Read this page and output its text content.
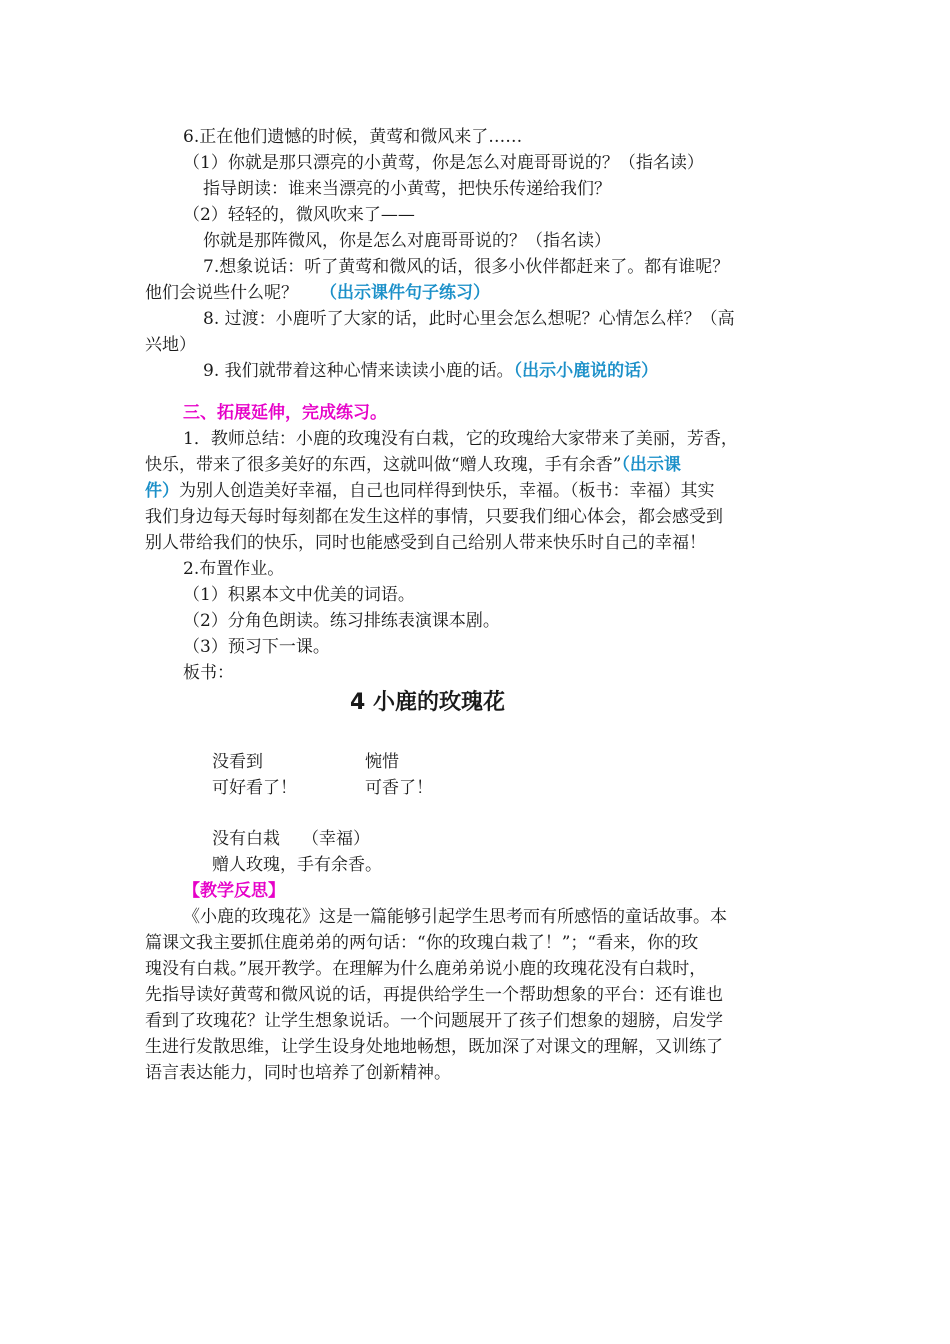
6.正在他们遗憾的时候，黄莺和微风来了……
（1）你就是那只漂亮的小黄莺，你是怎么对鹿哥哥说的？（指名读）
指导朗读：谁来当漂亮的小黄莺，把快乐传递给我们？
（2）轻轻的，微风吹来了——
你就是那阵微风，你是怎么对鹿哥哥说的？（指名读）
7.想象说话：听了黄莺和微风的话，很多小伙伴都赶来了。都有谁呢？
他们会说些什么呢？ （出示课件句子练习）
8. 过渡：小鹿听了大家的话，此时心里会怎么想呢？心情怎么样？（高
兴地）
9. 我们就带着这种心情来读读小鹿的话。（出示小鹿说的话）
三、拓展延伸，完成练习。
1．教师总结：小鹿的玫瑰没有白栽，它的玫瑰给大家带来了美丽，芳香，
快乐，带来了很多美好的东西，这就叫做“赠人玫瑰，手有余香”（出示课
件）为别人创造美好幸福，自己也同样得到快乐，幸福。（板书：幸福）其实
我们身边每天每时每刻都在发生这样的事情，只要我们细心体会，都会感受到
别人带给我们的快乐，同时也能感受到自己给别人带来快乐时自己的幸福！
2.布置作业。
（1）积累本文中优美的词语。
（2）分角色朗读。练习排练表演课本剧。
（3）预习下一课。
板书：
4 小鹿的玫瑰花
没看到	惋惜
可好看了！	可香了！
没有白栽 （幸福）
赠人玫瑰，手有余香。
【教学反思】
《小鹿的玫瑰花》这是一篇能够引起学生思考而有所感悟的童话故事。本
篇课文我主要抓住鹿弟弟的两句话：“你的玫瑰白栽了！”；“看来，你的玫
瑰没有白栽。”展开教学。在理解为什么鹿弟弟说小鹿的玫瑰花没有白栽时，
先指导读好黄莺和微风说的话，再提供给学生一个帮助想象的平台：还有谁也
看到了玫瑰花？让学生想象说话。一个问题展开了孩子们想象的翅膀，启发学
生进行发散思维，让学生设身处地地畅想，既加深了对课文的理解，又训练了
语言表达能力，同时也培养了创新精神。
